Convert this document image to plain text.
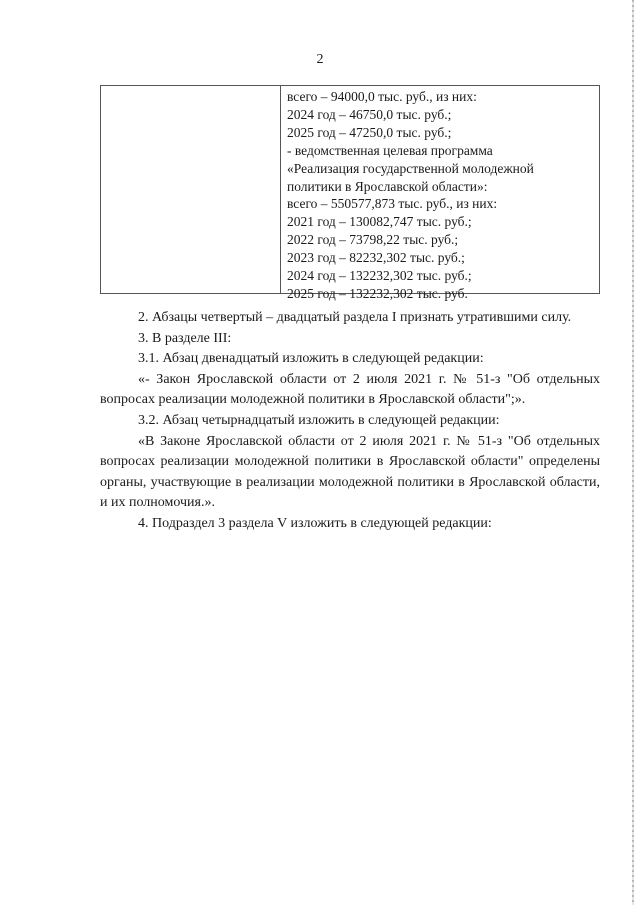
2
всего – 94000,0 тыс. руб., из них:
2024 год – 46750,0 тыс. руб.;
2025 год – 47250,0 тыс. руб.;
- ведомственная целевая программа
«Реализация государственной молодежной
политики в Ярославской области»:
всего – 550577,873 тыс. руб., из них:
2021 год – 130082,747 тыс. руб.;
2022 год – 73798,22 тыс. руб.;
2023 год – 82232,302 тыс. руб.;
2024 год – 132232,302 тыс. руб.;
2025 год – 132232,302 тыс. руб.

2. Абзацы четвертый – двадцатый раздела I признать утратившими силу.

3. В разделе III:

3.1. Абзац двенадцатый изложить в следующей редакции:

«- Закон Ярославской области от 2 июля 2021 г. № 51-з "Об отдельных вопросах реализации молодежной политики в Ярославской области";».

3.2. Абзац четырнадцатый изложить в следующей редакции:

«В Законе Ярославской области от 2 июля 2021 г. № 51-з "Об отдельных вопросах реализации молодежной политики в Ярославской области" определены органы, участвующие в реализации молодежной политики в Ярославской области, и их полномочия.».

4. Подраздел 3 раздела V изложить в следующей редакции:
